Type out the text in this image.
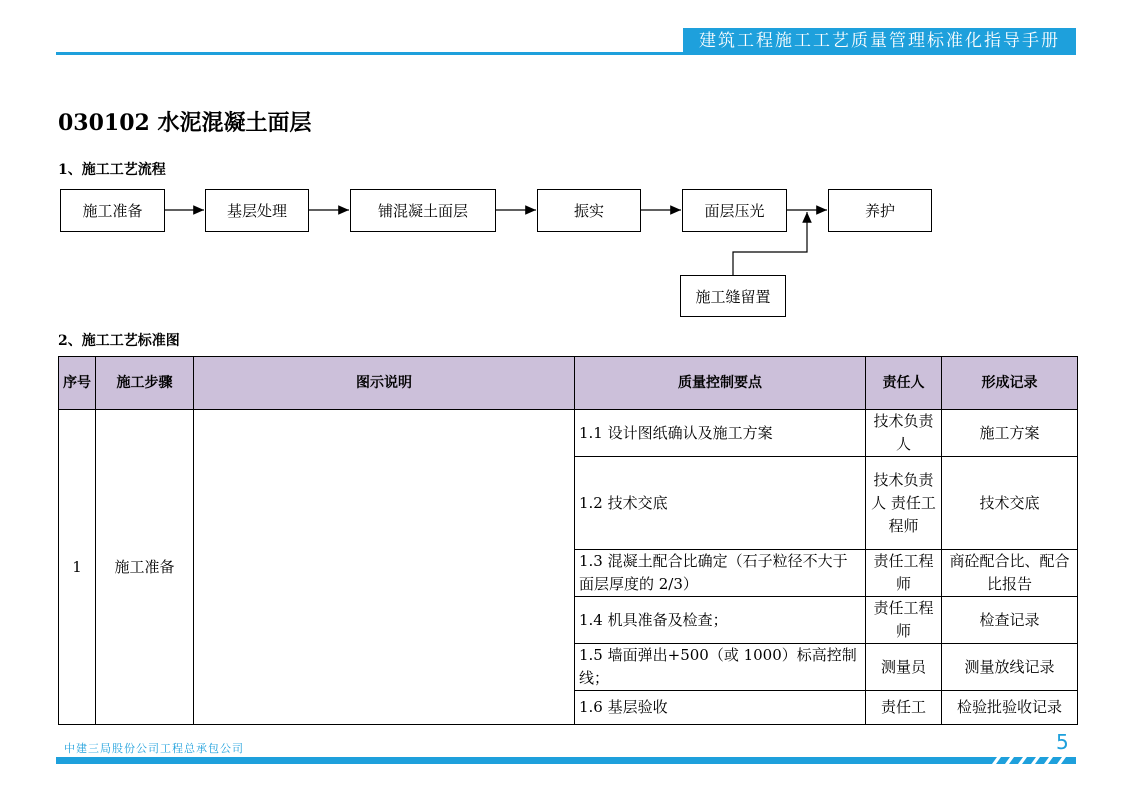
建筑工程施工工艺质量管理标准化指导手册
030102 水泥混凝土面层
1、施工工艺流程
施工准备	基层处理	铺混凝土面层	振实	面层压光	养护
施工缝留置
2、施工工艺标准图
序号	施工步骤	图示说明	质量控制要点	责任人	形成记录
1	施工准备		1.1 设计图纸确认及施工方案	技术负责人	施工方案
			1.2 技术交底	技术负责人 责任工程师	技术交底
			1.3 混凝土配合比确定（石子粒径不大于面层厚度的 2/3）	责任工程师	商砼配合比、配合比报告
			1.4 机具准备及检查；	责任工程师	检查记录
			1.5 墙面弹出+500（或 1000）标高控制线；	测量员	测量放线记录
			1.6 基层验收	责任工	检验批验收记录
中建三局股份公司工程总承包公司	5
